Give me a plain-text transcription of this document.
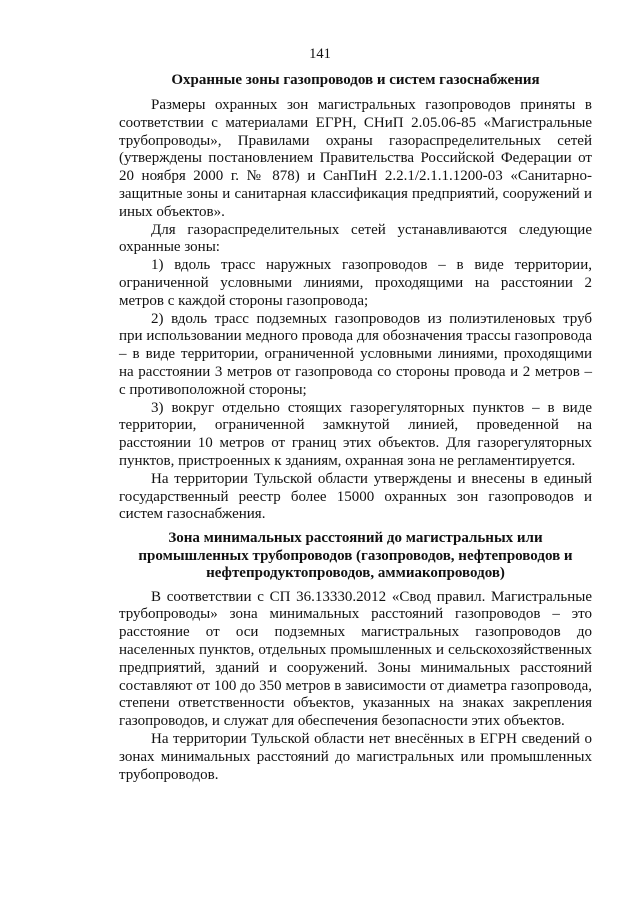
141
Охранные зоны газопроводов и систем газоснабжения

Размеры охранных зон магистральных газопроводов приняты в соответствии с материалами ЕГРН, СНиП 2.05.06-85 «Магистральные трубопроводы», Правилами охраны газораспределительных сетей (утверждены постановлением Правительства Российской Федерации от 20 ноября 2000 г. № 878) и СанПиН 2.2.1/2.1.1.1200-03 «Санитарно-защитные зоны и санитарная классификация предприятий, сооружений и иных объектов».

Для газораспределительных сетей устанавливаются следующие охранные зоны:

1) вдоль трасс наружных газопроводов – в виде территории, ограниченной условными линиями, проходящими на расстоянии 2 метров с каждой стороны газопровода;

2) вдоль трасс подземных газопроводов из полиэтиленовых труб при использовании медного провода для обозначения трассы газопровода – в виде территории, ограниченной условными линиями, проходящими на расстоянии 3 метров от газопровода со стороны провода и 2 метров – с противоположной стороны;

3) вокруг отдельно стоящих газорегуляторных пунктов – в виде территории, ограниченной замкнутой линией, проведенной на расстоянии 10 метров от границ этих объектов. Для газорегуляторных пунктов, пристроенных к зданиям, охранная зона не регламентируется.

На территории Тульской области утверждены и внесены в единый государственный реестр более 15000 охранных зон газопроводов и систем газоснабжения.

Зона минимальных расстояний до магистральных или промышленных трубопроводов (газопроводов, нефтепроводов и нефтепродуктопроводов, аммиакопроводов)

В соответствии с СП 36.13330.2012 «Свод правил. Магистральные трубопроводы» зона минимальных расстояний газопроводов – это расстояние от оси подземных магистральных газопроводов до населенных пунктов, отдельных промышленных и сельскохозяйственных предприятий, зданий и сооружений. Зоны минимальных расстояний составляют от 100 до 350 метров в зависимости от диаметра газопровода, степени ответственности объектов, указанных на знаках закрепления газопроводов, и служат для обеспечения безопасности этих объектов.

На территории Тульской области нет внесённых в ЕГРН сведений о зонах минимальных расстояний до магистральных или промышленных трубопроводов.
